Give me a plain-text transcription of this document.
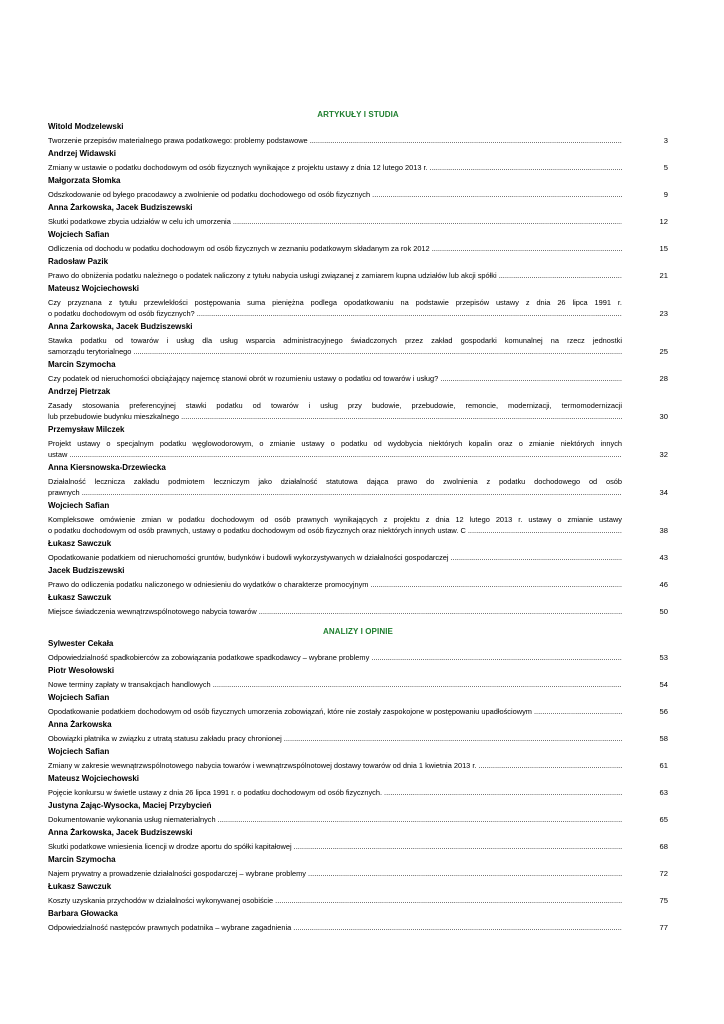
ARTYKUŁY I STUDIA
Witold Modzelewski
Tworzenie przepisów materialnego prawa podatkowego: problemy podstawowe .....	3
Andrzej Widawski
Zmiany w ustawie o podatku dochodowym od osób fizycznych wynikające z projektu ustawy z dnia 12 lutego 2013 r. .....	5
Małgorzata Słomka
Odszkodowanie od byłego pracodawcy a zwolnienie od podatku dochodowego od osób fizycznych .....	9
Anna Żarkowska, Jacek Budziszewski
Skutki podatkowe zbycia udziałów w celu ich umorzenia .....	12
Wojciech Safian
Odliczenia od dochodu w podatku dochodowym od osób fizycznych w zeznaniu podatkowym składanym za rok 2012 .....	15
Radosław Pazik
Prawo do obniżenia podatku należnego o podatek naliczony z tytułu nabycia usługi związanej z zamiarem kupna udziałów lub akcji spółki .....	21
Mateusz Wojciechowski
Czy przyznana z tytułu przewlekłości postępowania suma pieniężna podlega opodatkowaniu na podstawie przepisów ustawy z dnia 26 lipca 1991 r.
o podatku dochodowym od osób fizycznych? .....	23
Anna Żarkowska, Jacek Budziszewski
Stawka podatku od towarów i usług dla usług wsparcia administracyjnego świadczonych przez zakład gospodarki komunalnej na rzecz jednostki
samorządu terytorialnego .....	25
Marcin Szymocha
Czy podatek od nieruchomości obciążający najemcę stanowi obrót w rozumieniu ustawy o podatku od towarów i usług? .....	28
Andrzej Pietrzak
Zasady stosowania preferencyjnej stawki podatku od towarów i usług przy budowie, przebudowie, remoncie, modernizacji, termomodernizacji
lub przebudowie budynku mieszkalnego .....	30
Przemysław Milczek
Projekt ustawy o specjalnym podatku węglowodorowym, o zmianie ustawy o podatku od wydobycia niektórych kopalin oraz o zmianie niektórych innych
ustaw .....	32
Anna Kiersnowska-Drzewiecka
Działalność lecznicza zakładu podmiotem leczniczym jako działalność statutowa dająca prawo do zwolnienia z podatku dochodowego od osób
prawnych .....	34
Wojciech Safian
Kompleksowe omówienie zmian w podatku dochodowym od osób prawnych wynikających z projektu z dnia 12 lutego 2013 r. ustawy o zmianie ustawy
o podatku dochodowym od osób prawnych, ustawy o podatku dochodowym od osób fizycznych oraz niektórych innych ustaw. C .....	38
Łukasz Sawczuk
Opodatkowanie podatkiem od nieruchomości gruntów, budynków i budowli wykorzystywanych w działalności gospodarczej .....	43
Jacek Budziszewski
Prawo do odliczenia podatku naliczonego w odniesieniu do wydatków o charakterze promocyjnym .....	46
Łukasz Sawczuk
Miejsce świadczenia wewnątrzwspólnotowego nabycia towarów .....	50
ANALIZY I OPINIE
Sylwester Cekała
Odpowiedzialność spadkobierców za zobowiązania podatkowe spadkodawcy – wybrane problemy .....	53
Piotr Wesołowski
Nowe terminy zapłaty w transakcjach handlowych .....	54
Wojciech Safian
Opodatkowanie podatkiem dochodowym od osób fizycznych umorzenia zobowiązań, które nie zostały zaspokojone w postępowaniu upadłościowym .....	56
Anna Żarkowska
Obowiązki płatnika w związku z utratą statusu zakładu pracy chronionej .....	58
Wojciech Safian
Zmiany w zakresie wewnątrzwspólnotowego nabycia towarów i wewnątrzwspólnotowej dostawy towarów od dnia 1 kwietnia 2013 r. .....	61
Mateusz Wojciechowski
Pojęcie konkursu w świetle ustawy z dnia 26 lipca 1991 r. o podatku dochodowym od osób fizycznych. .....	63
Justyna Zając-Wysocka, Maciej Przybycień
Dokumentowanie wykonania usług niematerialnych .....	65
Anna Żarkowska, Jacek Budziszewski
Skutki podatkowe wniesienia licencji w drodze aportu do spółki kapitałowej .....	68
Marcin Szymocha
Najem prywatny a prowadzenie działalności gospodarczej – wybrane problemy .....	72
Łukasz Sawczuk
Koszty uzyskania przychodów w działalności wykonywanej osobiście .....	75
Barbara Głowacka
Odpowiedzialność następców prawnych podatnika – wybrane zagadnienia .....	77
